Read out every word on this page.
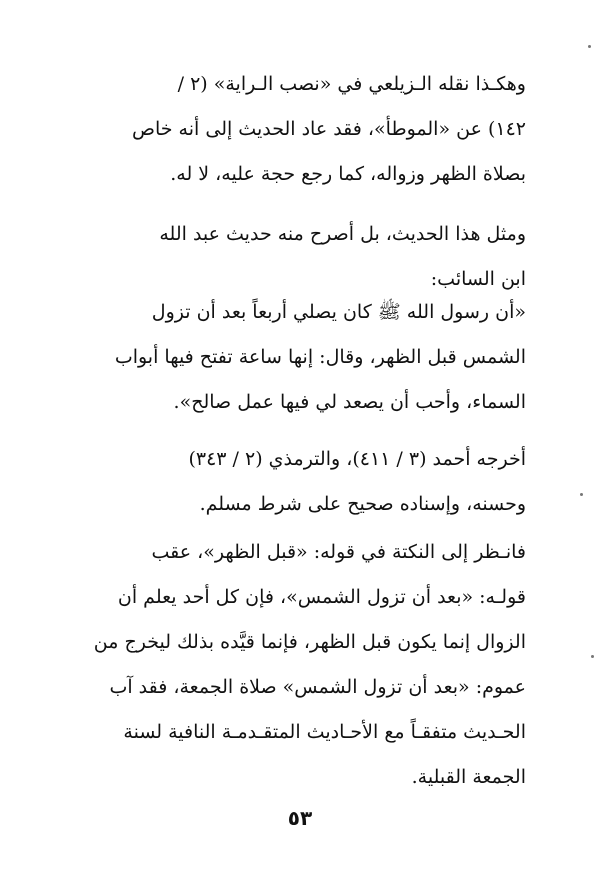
وهكـذا نقله الـزيلعي في «نصب الـراية» (٢ /
١٤٢) عن «الموطأ»، فقد عاد الحديث إلى أنه خاص
بصلاة الظهر وزواله، كما رجع حجة عليه، لا له.
ومثل هذا الحديث، بل أصرح منه حديث عبد الله
ابن السائب:
«أن رسول الله ﷺ كان يصلي أربعاً بعد أن تزول
الشمس قبل الظهر، وقال: إنها ساعة تفتح فيها أبواب
السماء، وأحب أن يصعد لي فيها عمل صالح».
أخرجه أحمد (٣ / ٤١١)، والترمذي (٢ / ٣٤٣)
وحسنه، وإسناده صحيح على شرط مسلم.
فانـظر إلى النكتة في قوله: «قبل الظهر»، عقب
قولـه: «بعد أن تزول الشمس»، فإن كل أحد يعلم أن
الزوال إنما يكون قبل الظهر، فإنما قيَّده بذلك ليخرج من
عموم: «بعد أن تزول الشمس» صلاة الجمعة، فقد آب
الحـديث متفقـاً مع الأحـاديث المتقـدمـة النافية لسنة
الجمعة القبلية.
٥٣
